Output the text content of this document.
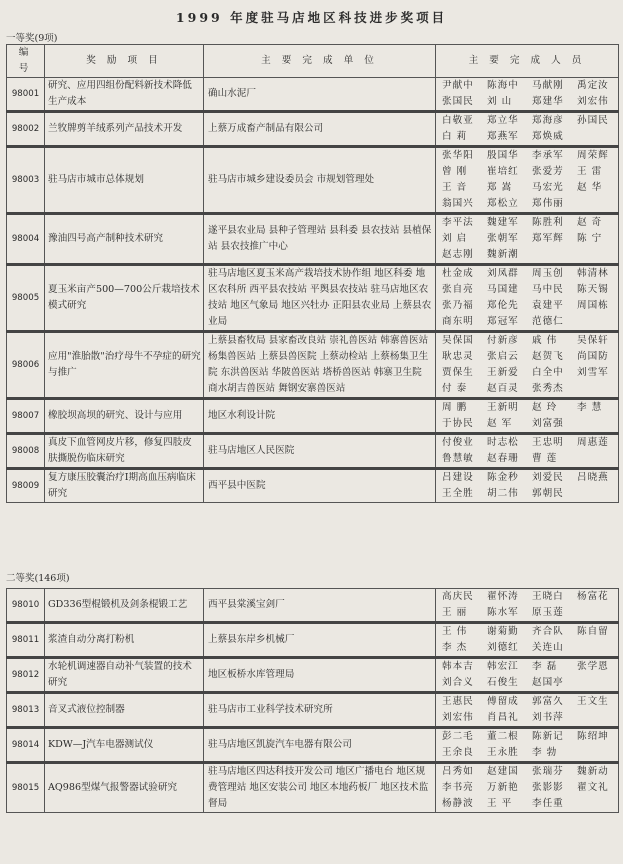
1999 年度驻马店地区科技进步奖项目
一等奖(9项)
编 号	奖 励 项 目	主 要 完 成 单 位	主 要 完 成 人 员
98001	研究、应用四组份配料新技术降低生产成本	确山水泥厂	尹献中 陈海中 马献刚 禹定汝
张国民 刘 山 郑建华 刘宏伟

98002	兰牧牌剪羊绒系列产品技术开发	上蔡万成畜产制品有限公司	白敬亚 郑立华 郑海彦 孙国民
白 莉 郑燕军 郑焕威

98003	驻马店市城市总体规划	驻马店市城乡建设委员会 市规划管理处	张华阳 殷国华 李承军 周荣辉
曾 刚 崔培红 张爱芳 王 雷
王 音 郑 嵩 马宏光 赵 华
翁国兴 郑松立 郑伟丽

98004	豫油四号高产制种技术研究	遂平县农业局 县种子管理站 县科委 县农技站 县植保站 县农技推广中心	李平法 魏建军 陈胜利 赵 奇
刘 启 张朝军 郑军辉 陈 宁
赵志刚 魏新潮

98005	夏玉米亩产500—700公斤栽培技术模式研究	驻马店地区夏玉米高产栽培技术协作组 地区科委 地区农科所 西平县农技站 平舆县农技站 驻马店地区农技站 地区气象局 地区兴牡办 正阳县农业局 上蔡县农业局	杜金成 刘凤群 周玉创 韩清林
张自亮 马国建 马中民 陈天锡
张乃福 郑伦先 袁建平 周国栋
商东明 郑冠军 范德仁

98006	应用"淮胎散"治疗母牛不孕症的研究与推广	上蔡县畜牧局 县家畜改良站 崇礼兽医站 韩寨兽医站 杨集兽医站 上蔡县兽医院 上蔡动检站 上蔡杨集卫生院 东洪兽医站 华陂兽医站 塔桥兽医站 韩寨卫生院 商水胡吉兽医站 舞钢安寨兽医站	吴保国 付新彦 戚 伟 吴保轩
耿忠灵 张启云 赵贺飞 尚国防
贾保生 王新爱 白全中 刘雪军
付 泰 赵百灵 张秀杰

98007	橡胶坝高坝的研究、设计与应用	地区水利设计院	周 鹏 王新明 赵 玲 李 慧
于协民 赵 军 刘富强

98008	真皮下血管网皮片移，修复四肢皮肤撕脱伤临床研究	驻马店地区人民医院	付俊业 时志松 王忠明 周惠莲
鲁慧敏 赵春珊 曹 莲

98009	复方康压胶囊治疗Ⅰ期高血压病临床研究	西平县中医院	吕建设 陈金秒 刘爱民 吕晓燕
王全胜 胡二伟 郭朝民
二等奖(146项)
98010	GD336型棍锻机及剑条棍锻工艺	西平县棠溪宝剑厂	高庆民 翟怀涛 王晓白 杨富花
王 丽 陈水军 原玉莲

98011	浆渣自动分离打粉机	上蔡县东岸乡机械厂	王 伟 谢菊勤 齐合队 陈自留
李 杰 刘德红 关连山

98012	水轮机调速器自动补气装置的技术研究	地区板桥水库管理局	韩本吉 韩宏江 李 磊 张学恩
刘合义 石俊生 赵国亭

98013	音叉式液位控制器	驻马店市工业科学技术研究所	王惠民 傅留成 郭富久 王文生
刘宏伟 肖昌礼 刘书萍

98014	KDW—J汽车电器测试仪	驻马店地区凯旋汽车电器有限公司	彭二毛 董二根 陈新记 陈绍坤
王余良 王永胜 李 勃

98015	AQ986型煤气报警器试验研究	驻马店地区四达科技开发公司 地区广播电台 地区规费管理站 地区安装公司 地区本地药板厂 地区技术监督局	吕秀如 赵建国 张瑞芬 魏新动
李书亮 万新艳 张影影 翟文礼
杨静波 王 平 李任重
